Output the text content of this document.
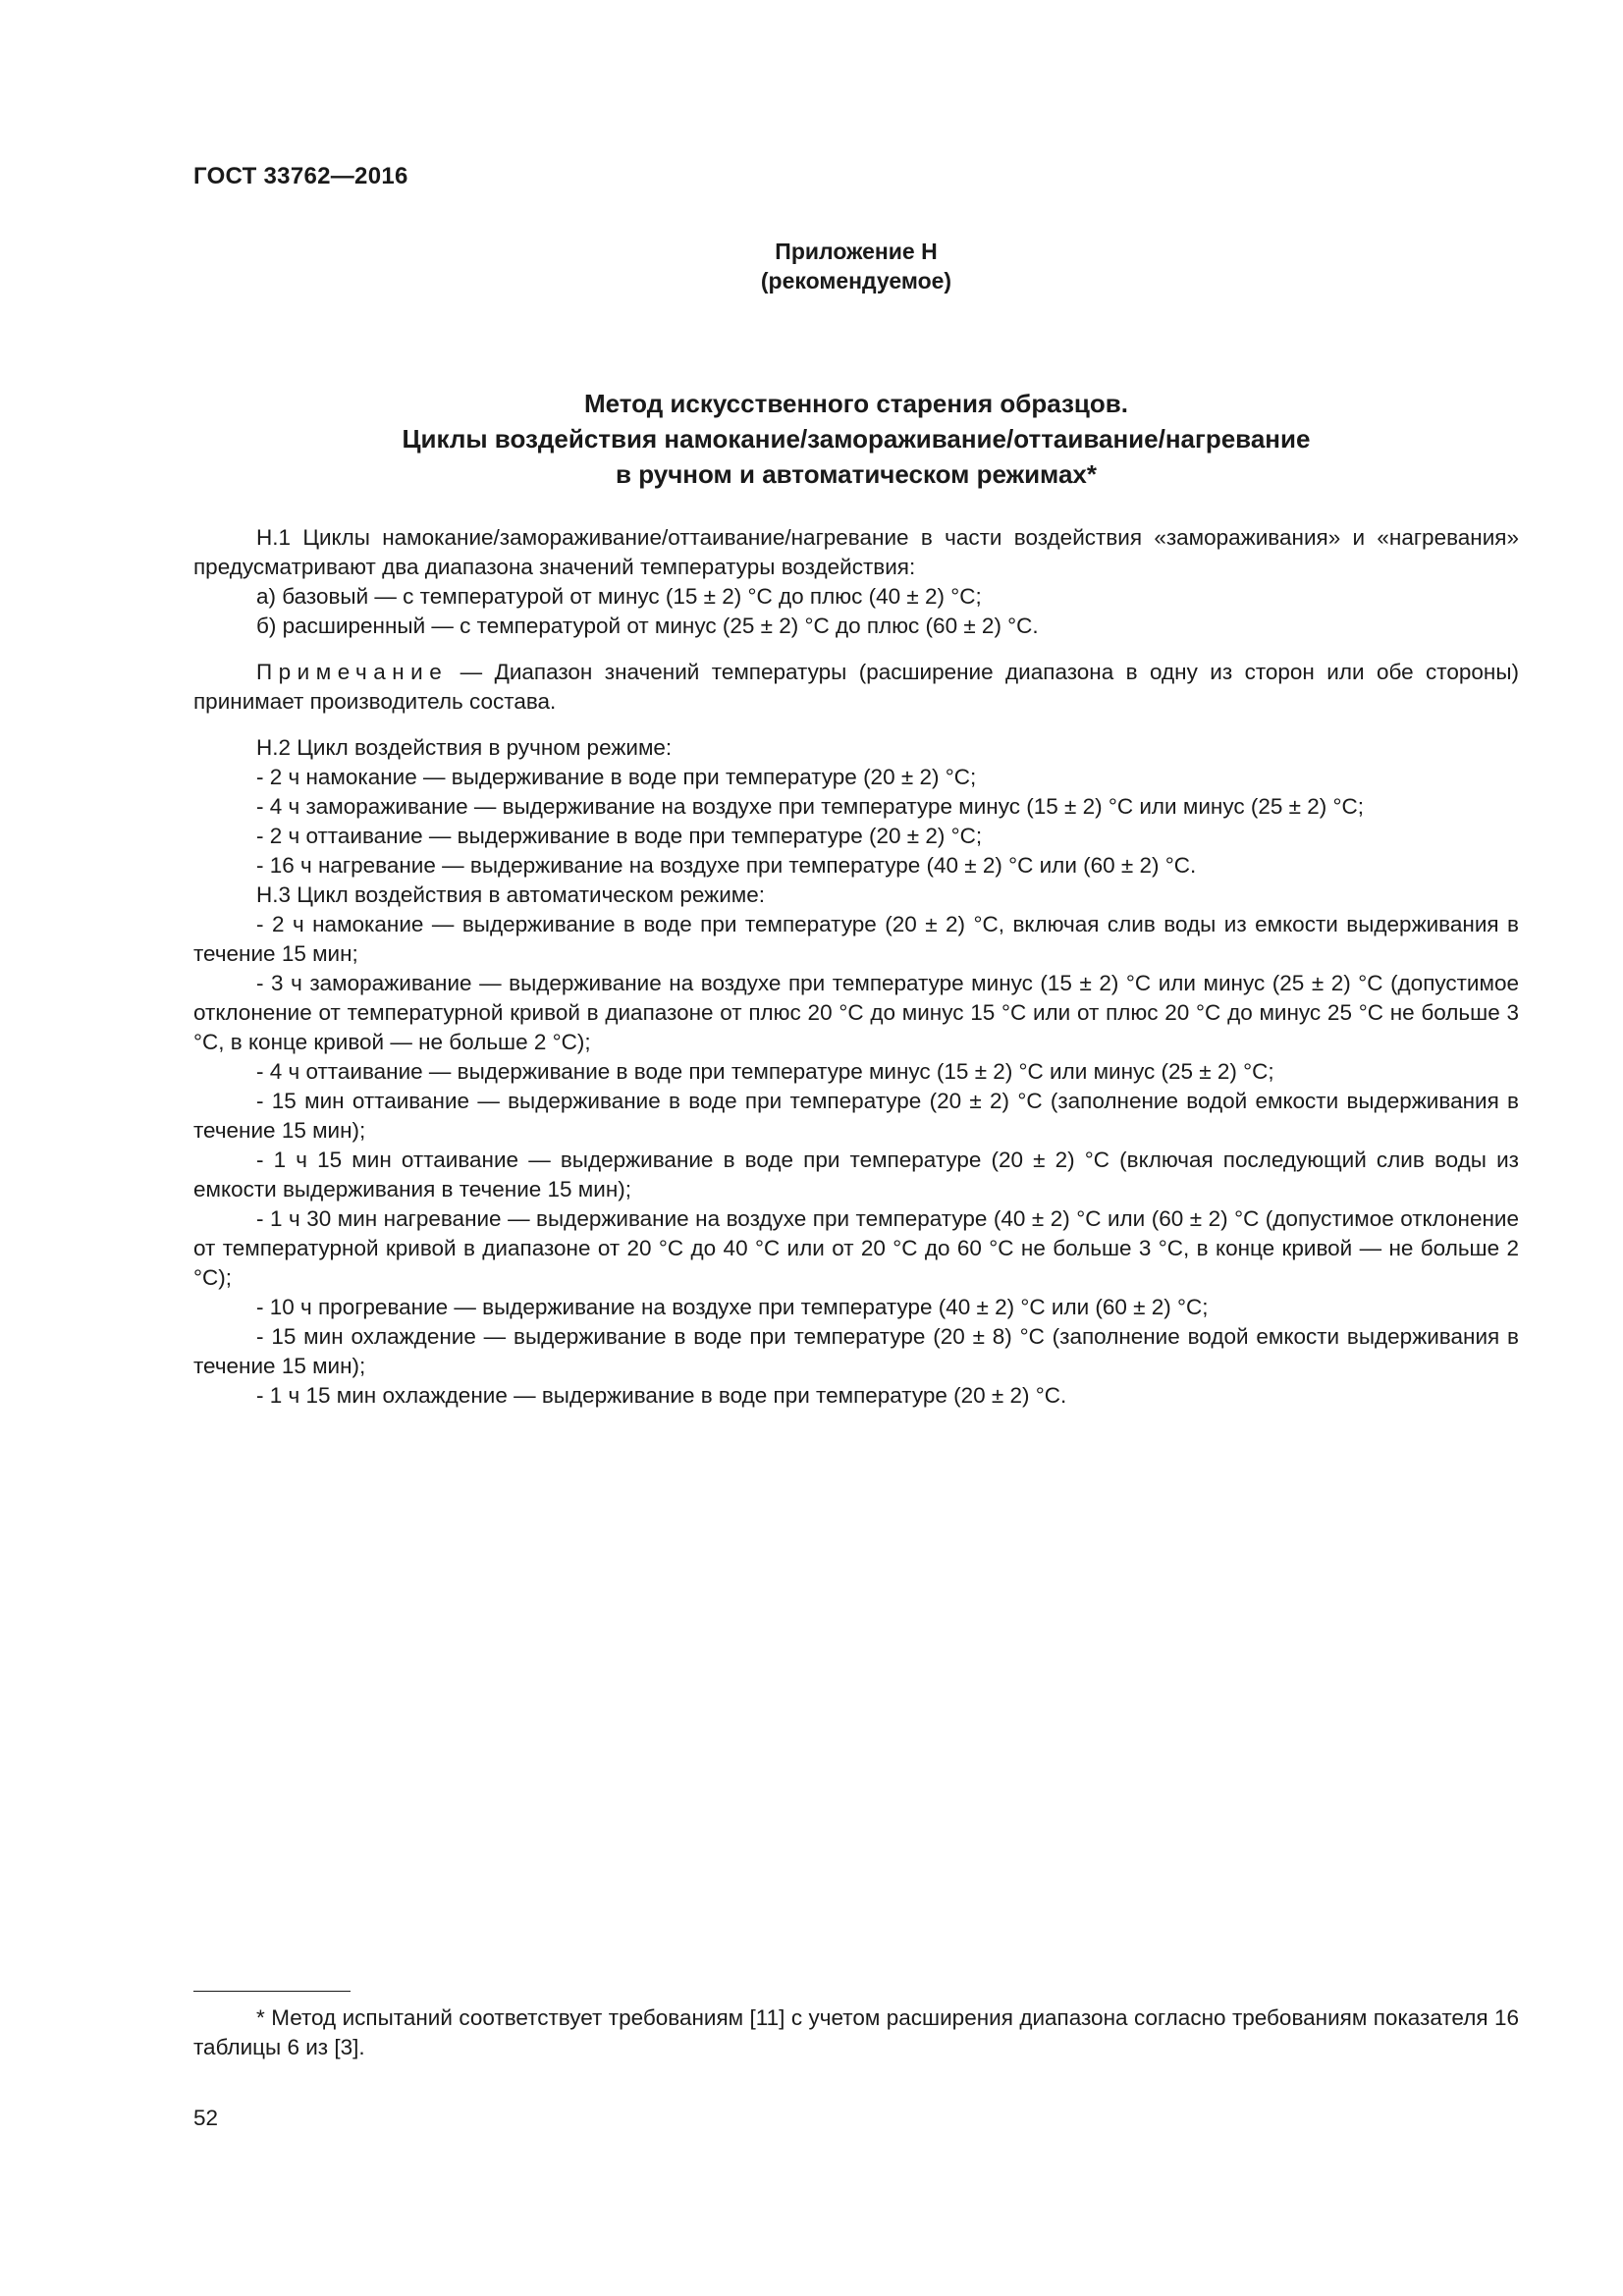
ГОСТ 33762—2016
Приложение Н
(рекомендуемое)
Метод искусственного старения образцов.
Циклы воздействия намокание/замораживание/оттаивание/нагревание
в ручном и автоматическом режимах*

Н.1 Циклы намокание/замораживание/оттаивание/нагревание в части воздействия «замораживания» и «нагревания» предусматривают два диапазона значений температуры воздействия:

а) базовый — с температурой от минус (15 ± 2) °С до плюс (40 ± 2) °С;

б) расширенный — с температурой от минус (25 ± 2) °С до плюс (60 ± 2) °С.

Примечание — Диапазон значений температуры (расширение диапазона в одну из сторон или обе стороны) принимает производитель состава.

Н.2 Цикл воздействия в ручном режиме:

- 2 ч намокание — выдерживание в воде при температуре (20 ± 2) °С;

- 4 ч замораживание — выдерживание на воздухе при температуре минус (15 ± 2) °С или минус (25 ± 2) °С;

- 2 ч оттаивание — выдерживание в воде при температуре (20 ± 2) °С;

- 16 ч нагревание — выдерживание на воздухе при температуре (40 ± 2) °С или (60 ± 2) °С.

Н.3 Цикл воздействия в автоматическом режиме:

- 2 ч намокание — выдерживание в воде при температуре (20 ± 2) °С, включая слив воды из емкости выдерживания в течение 15 мин;

- 3 ч замораживание — выдерживание на воздухе при температуре минус (15 ± 2) °С или минус (25 ± 2) °С (допустимое отклонение от температурной кривой в диапазоне от плюс 20 °С до минус 15 °С или от плюс 20 °С до минус 25 °С не больше 3 °С, в конце кривой — не больше 2 °С);

- 4 ч оттаивание — выдерживание в воде при температуре минус (15 ± 2) °С или минус (25 ± 2) °С;

- 15 мин оттаивание — выдерживание в воде при температуре (20 ± 2) °С (заполнение водой емкости выдерживания в течение 15 мин);

- 1 ч 15 мин оттаивание — выдерживание в воде при температуре (20 ± 2) °С (включая последующий слив воды из емкости выдерживания в течение 15 мин);

- 1 ч 30 мин нагревание — выдерживание на воздухе при температуре (40 ± 2) °С или (60 ± 2) °С (допустимое отклонение от температурной кривой в диапазоне от 20 °С до 40 °С или от 20 °С до 60 °С не больше 3 °С, в конце кривой — не больше 2 °С);

- 10 ч прогревание — выдерживание на воздухе при температуре (40 ± 2) °С или (60 ± 2) °С;

- 15 мин охлаждение — выдерживание в воде при температуре (20 ± 8) °С (заполнение водой емкости выдерживания в течение 15 мин);

- 1 ч 15 мин охлаждение — выдерживание в воде при температуре (20 ± 2) °С.

* Метод испытаний соответствует требованиям [11] с учетом расширения диапазона согласно требованиям показателя 16 таблицы 6 из [3].

52
